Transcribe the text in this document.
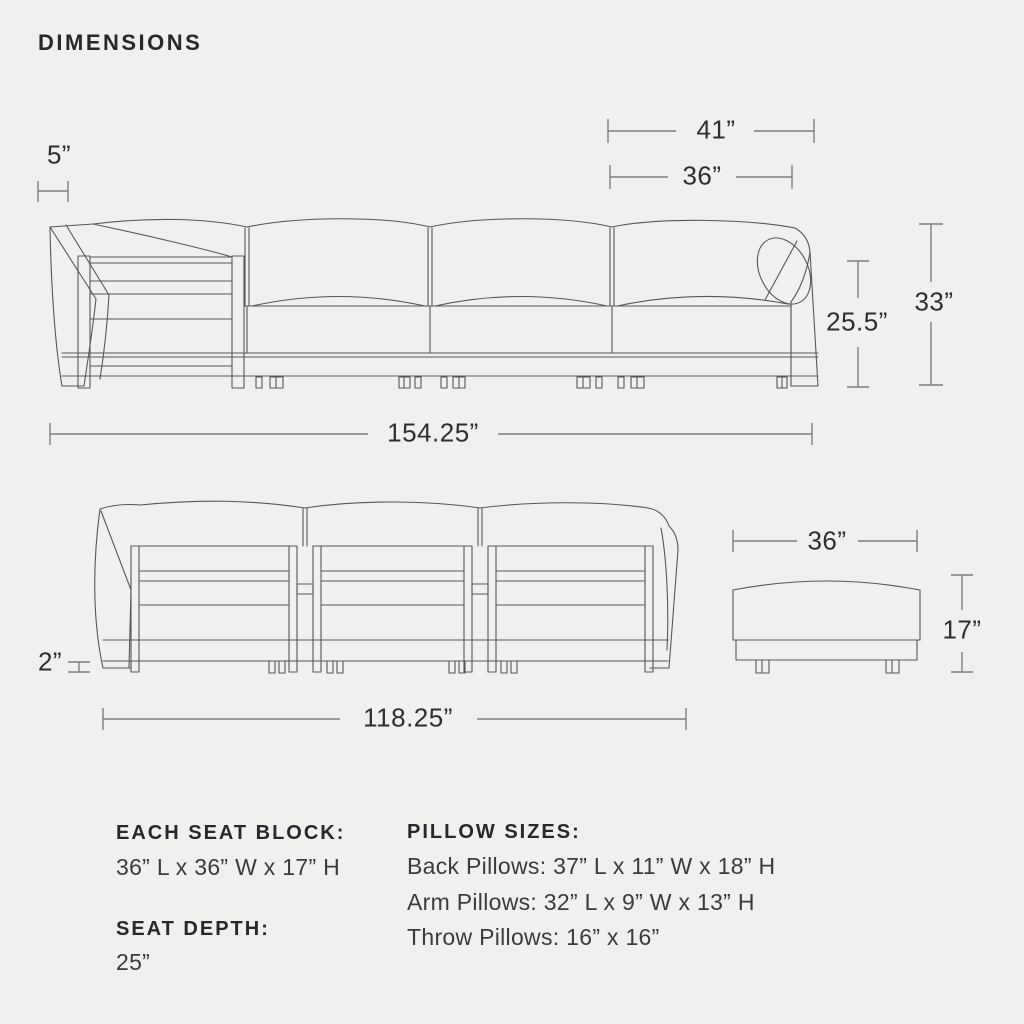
DIMENSIONS
5”
41”
36”
33”
25.5”
154.25”
2”
118.25”
36”
17”
EACH SEAT BLOCK:
36” L x 36” W x 17” H
SEAT DEPTH:
25”
PILLOW SIZES:
Back Pillows: 37” L x 11” W x 18” H
Arm Pillows: 32” L x 9” W x 13” H
Throw Pillows: 16” x 16”
